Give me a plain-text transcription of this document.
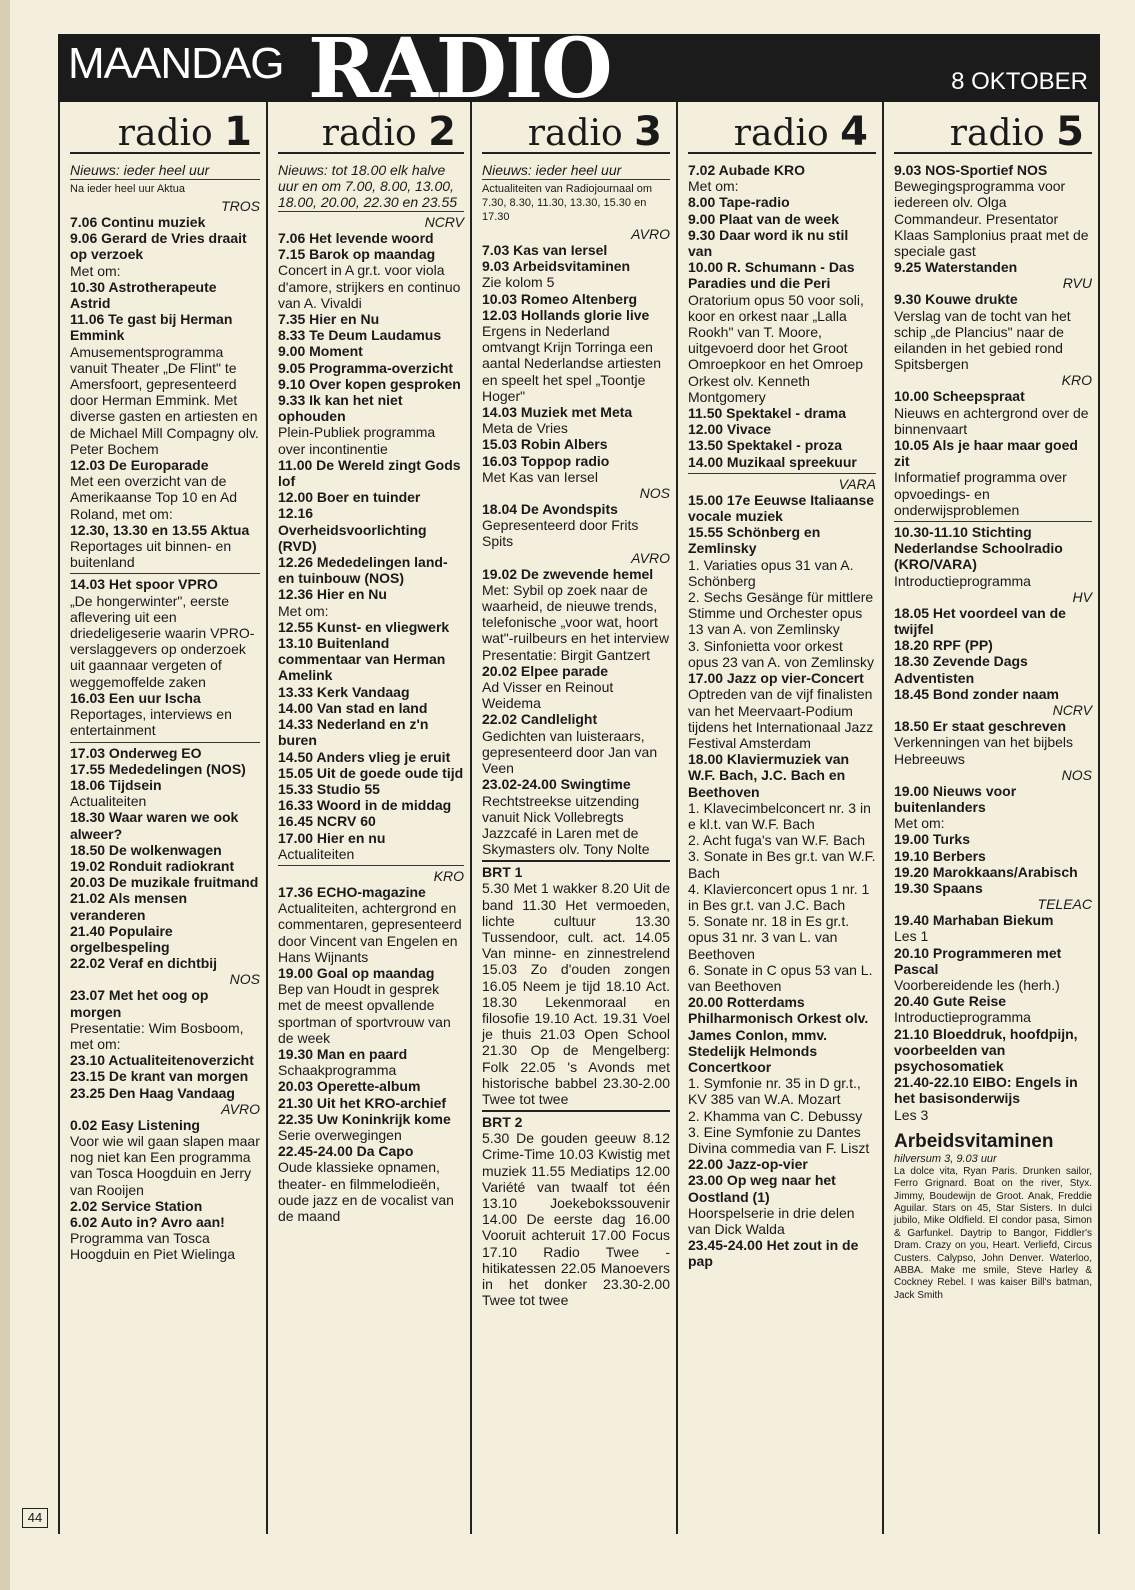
MAANDAG RADIO	8 OKTOBER
radio 1
Nieuws: ieder heel uur
Na ieder heel uur Aktua
TROS
7.06 Continu muziek
9.06 Gerard de Vries draait op verzoek
Met om:
10.30 Astrotherapeute Astrid
11.06 Te gast bij Herman Emmink
Amusementsprogramma vanuit Theater „De Flint" te Amersfoort, gepresenteerd door Herman Emmink. Met diverse gasten en artiesten en de Michael Mill Compagny olv. Peter Bochem
12.03 De Europarade
Met een overzicht van de Amerikaanse Top 10 en Ad Roland, met om:
12.30, 13.30 en 13.55 Aktua
Reportages uit binnen- en buitenland
14.03 Het spoor VPRO
„De hongerwinter", eerste aflevering uit een driedeligeserie waarin VPRO-verslaggevers op onderzoek uit gaannaar vergeten of weggemoffelde zaken
16.03 Een uur Ischa
Reportages, interviews en entertainment
17.03 Onderweg EO
17.55 Mededelingen (NOS)
18.06 Tijdsein
Actualiteiten
18.30 Waar waren we ook alweer?
18.50 De wolkenwagen
19.02 Ronduit radiokrant
20.03 De muzikale fruitmand
21.02 Als mensen veranderen
21.40 Populaire orgelbespeling
22.02 Veraf en dichtbij
NOS
23.07 Met het oog op morgen
Presentatie: Wim Bosboom, met om:
23.10 Actualiteitenoverzicht
23.15 De krant van morgen
23.25 Den Haag Vandaag
AVRO
0.02 Easy Listening
Voor wie wil gaan slapen maar nog niet kan Een programma van Tosca Hoogduin en Jerry van Rooijen
2.02 Service Station
6.02 Auto in? Avro aan!
Programma van Tosca Hoogduin en Piet Wielinga
radio 2
Nieuws: tot 18.00 elk halve uur en om 7.00, 8.00, 13.00, 18.00, 20.00, 22.30 en 23.55
NCRV
7.06 Het levende woord
7.15 Barok op maandag
Concert in A gr.t. voor viola d'amore, strijkers en continuo van A. Vivaldi
7.35 Hier en Nu
8.33 Te Deum Laudamus
9.00 Moment
9.05 Programma-overzicht
9.10 Over kopen gesproken
9.33 Ik kan het niet ophouden
Plein-Publiek programma over incontinentie
11.00 De Wereld zingt Gods lof
12.00 Boer en tuinder
12.16 Overheidsvoorlichting (RVD)
12.26 Mededelingen land- en tuinbouw (NOS)
12.36 Hier en Nu
Met om:
12.55 Kunst- en vliegwerk
13.10 Buitenland commentaar van Herman Amelink
13.33 Kerk Vandaag
14.00 Van stad en land
14.33 Nederland en z'n buren
14.50 Anders vlieg je eruit
15.05 Uit de goede oude tijd
15.33 Studio 55
16.33 Woord in de middag
16.45 NCRV 60
17.00 Hier en nu
Actualiteiten
KRO
17.36 ECHO-magazine
Actualiteiten, achtergrond en commentaren, gepresenteerd door Vincent van Engelen en Hans Wijnants
19.00 Goal op maandag
Bep van Houdt in gesprek met de meest opvallende sportman of sportvrouw van de week
19.30 Man en paard
Schaakprogramma
20.03 Operette-album
21.30 Uit het KRO-archief
22.35 Uw Koninkrijk kome
Serie overwegingen
22.45-24.00 Da Capo
Oude klassieke opnamen, theater- en filmmelodieën, oude jazz en de vocalist van de maand
radio 3
Nieuws: ieder heel uur
Actualiteiten van Radiojournaal om 7.30, 8.30, 11.30, 13.30, 15.30 en 17.30
AVRO
7.03 Kas van Iersel
9.03 Arbeidsvitaminen
Zie kolom 5
10.03 Romeo Altenberg
12.03 Hollands glorie live
Ergens in Nederland omtvangt Krijn Torringa een aantal Nederlandse artiesten en speelt het spel „Toontje Hoger"
14.03 Muziek met Meta
Meta de Vries
15.03 Robin Albers
16.03 Toppop radio
Met Kas van Iersel
NOS
18.04 De Avondspits
Gepresenteerd door Frits Spits
AVRO
19.02 De zwevende hemel
Met: Sybil op zoek naar de waarheid, de nieuwe trends, telefonische „voor wat, hoort wat"-ruilbeurs en het interview Presentatie: Birgit Gantzert
20.02 Elpee parade
Ad Visser en Reinout Weidema
22.02 Candlelight
Gedichten van luisteraars, gepresenteerd door Jan van Veen
23.02-24.00 Swingtime
Rechtstreekse uitzending vanuit Nick Vollebregts Jazzcafé in Laren met de Skymasters olv. Tony Nolte
BRT 1
5.30 Met 1 wakker 8.20 Uit de band 11.30 Het vermoeden, lichte cultuur 13.30 Tussendoor, cult. act. 14.05 Van minne- en zinnestrelend 15.03 Zo d'ouden zongen 16.05 Neem je tijd 18.10 Act. 18.30 Lekenmoraal en filosofie 19.10 Act. 19.31 Voel je thuis 21.03 Open School 21.30 Op de Mengelberg: Folk 22.05 's Avonds met historische babbel 23.30-2.00 Twee tot twee
BRT 2
5.30 De gouden geeuw 8.12 Crime-Time 10.03 Kwistig met muziek 11.55 Mediatips 12.00 Variété van twaalf tot één 13.10 Joekebokssouvenir 14.00 De eerste dag 16.00 Vooruit achteruit 17.00 Focus 17.10 Radio Twee - hitikatessen 22.05 Manoevers in het donker 23.30-2.00 Twee tot twee
radio 4
7.02 Aubade KRO
Met om:
8.00 Tape-radio
9.00 Plaat van de week
9.30 Daar word ik nu stil van
10.00 R. Schumann - Das Paradies und die Peri
Oratorium opus 50 voor soli, koor en orkest naar „Lalla Rookh" van T. Moore, uitgevoerd door het Groot Omroepkoor en het Omroep Orkest olv. Kenneth Montgomery
11.50 Spektakel - drama
12.00 Vivace
13.50 Spektakel - proza
14.00 Muzikaal spreekuur
VARA
15.00 17e Eeuwse Italiaanse vocale muziek
15.55 Schönberg en Zemlinsky
1. Variaties opus 31 van A. Schönberg
2. Sechs Gesänge für mittlere Stimme und Orchester opus 13 van A. von Zemlinsky
3. Sinfonietta voor orkest opus 23 van A. von Zemlinsky
17.00 Jazz op vier-Concert
Optreden van de vijf finalisten van het Meervaart-Podium tijdens het Internationaal Jazz Festival Amsterdam
18.00 Klaviermuziek van W.F. Bach, J.C. Bach en Beethoven
1. Klavecimbelconcert nr. 3 in e kl.t. van W.F. Bach
2. Acht fuga's van W.F. Bach
3. Sonate in Bes gr.t. van W.F. Bach
4. Klavierconcert opus 1 nr. 1 in Bes gr.t. van J.C. Bach
5. Sonate nr. 18 in Es gr.t. opus 31 nr. 3 van L. van Beethoven
6. Sonate in C opus 53 van L. van Beethoven
20.00 Rotterdams Philharmonisch Orkest olv. James Conlon, mmv. Stedelijk Helmonds Concertkoor
1. Symfonie nr. 35 in D gr.t., KV 385 van W.A. Mozart
2. Khamma van C. Debussy
3. Eine Symfonie zu Dantes Divina commedia van F. Liszt
22.00 Jazz-op-vier
23.00 Op weg naar het Oostland (1)
Hoorspelserie in drie delen van Dick Walda
23.45-24.00 Het zout in de pap
radio 5
9.03 NOS-Sportief NOS
Bewegingsprogramma voor iedereen olv. Olga Commandeur. Presentator Klaas Samplonius praat met de speciale gast
9.25 Waterstanden
RVU
9.30 Kouwe drukte
Verslag van de tocht van het schip „de Plancius" naar de eilanden in het gebied rond Spitsbergen
KRO
10.00 Scheepspraat
Nieuws en achtergrond over de binnenvaart
10.05 Als je haar maar goed zit
Informatief programma over opvoedings- en onderwijsproblemen
10.30-11.10 Stichting Nederlandse Schoolradio (KRO/VARA)
Introductieprogramma
HV
18.05 Het voordeel van de twijfel
18.20 RPF (PP)
18.30 Zevende Dags Adventisten
18.45 Bond zonder naam
NCRV
18.50 Er staat geschreven
Verkenningen van het bijbels Hebreeuws
NOS
19.00 Nieuws voor buitenlanders
Met om:
19.00 Turks
19.10 Berbers
19.20 Marokkaans/Arabisch
19.30 Spaans
TELEAC
19.40 Marhaban Biekum
Les 1
20.10 Programmeren met Pascal
Voorbereidende les (herh.)
20.40 Gute Reise
Introductieprogramma
21.10 Bloeddruk, hoofdpijn, voorbeelden van psychosomatiek
21.40-22.10 EIBO: Engels in het basisonderwijs
Les 3
Arbeidsvitaminen
hilversum 3, 9.03 uur
La dolce vita, Ryan Paris. Drunken sailor, Ferro Grignard. Boat on the river, Styx. Jimmy, Boudewijn de Groot. Anak, Freddie Aguilar. Stars on 45, Star Sisters. In dulci jubilo, Mike Oldfield. El condor pasa, Simon & Garfunkel. Daytrip to Bangor, Fiddler's Dram. Crazy on you, Heart. Verliefd, Circus Custers. Calypso, John Denver. Waterloo, ABBA. Make me smile, Steve Harley & Cockney Rebel. I was kaiser Bill's batman, Jack Smith
44
